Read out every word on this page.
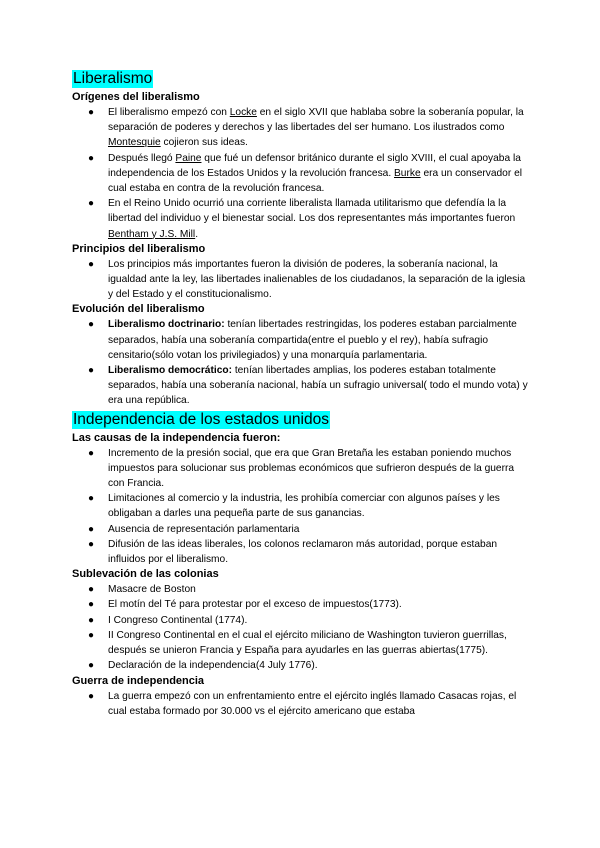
Liberalismo
Orígenes del liberalismo
● El liberalismo empezó con Locke en el siglo XVII que hablaba sobre la soberanía popular, la separación de poderes y derechos y las libertades del ser humano. Los ilustrados como Montesquie cojieron sus ideas.
● Después llegó Paine que fué un defensor británico durante el siglo XVIII, el cual apoyaba la independencia de los Estados Unidos y la revolución francesa. Burke era un conservador el cual estaba en contra de la revolución francesa.
● En el Reino Unido ocurrió una corriente liberalista llamada utilitarismo que defendía la la libertad del individuo y el bienestar social. Los dos representantes más importantes fueron Bentham y J.S. Mill.
Principios del liberalismo
● Los principios más importantes fueron la división de poderes, la soberanía nacional, la igualdad ante la ley, las libertades inalienables de los ciudadanos, la separación de la iglesia y del Estado y el constitucionalismo.
Evolución del liberalismo
● Liberalismo doctrinario: tenían libertades restringidas, los poderes estaban parcialmente separados, había una soberanía compartida(entre el pueblo y el rey), había sufragio censitario(sólo votan los privilegiados) y una monarquía parlamentaria.
● Liberalismo democrático: tenían libertades amplias, los poderes estaban totalmente separados, había una soberanía nacional, había un sufragio universal( todo el mundo vota) y era una república.
Independencia de los estados unidos
Las causas de la independencia fueron:
● Incremento de la presión social, que era que Gran Bretaña les estaban poniendo muchos impuestos para solucionar sus problemas económicos que sufrieron después de la guerra con Francia.
● Limitaciones al comercio y la industria, les prohibía comerciar con algunos países y les obligaban a darles una pequeña parte de sus ganancias.
● Ausencia de representación parlamentaria
● Difusión de las ideas liberales, los colonos reclamaron más autoridad, porque estaban influidos por el liberalismo.
Sublevación de las colonias
● Masacre de Boston
● El motín del Té para protestar por el exceso de impuestos(1773).
● I Congreso Continental (1774).
● II Congreso Continental en el cual el ejército miliciano de Washington tuvieron guerrillas, después se unieron Francia y España para ayudarles en las guerras abiertas(1775).
● Declaración de la independencia(4 July 1776).
Guerra de independencia
● La guerra empezó con un enfrentamiento entre el ejército inglés llamado Casacas rojas, el cual estaba formado por 30.000 vs el ejército americano que estaba
